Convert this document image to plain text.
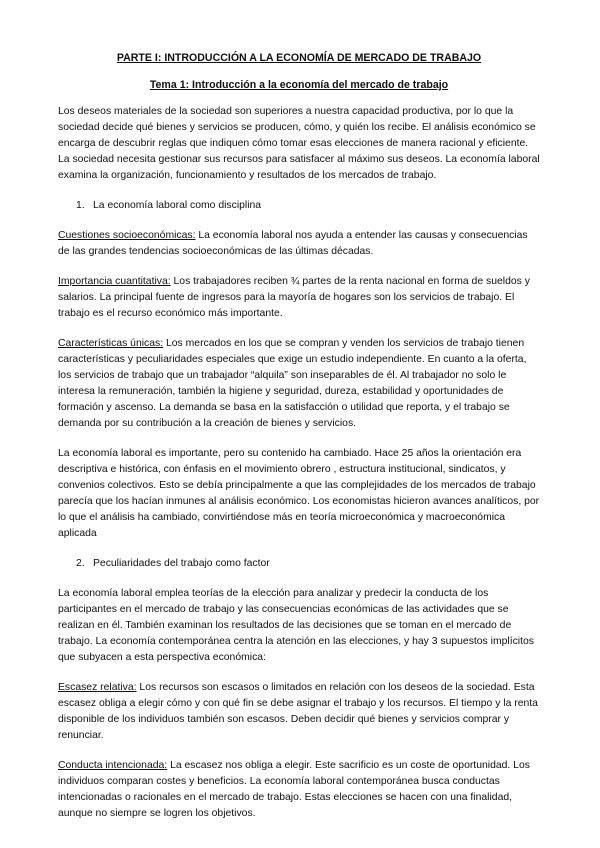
PARTE I: INTRODUCCIÓN A LA ECONOMÍA DE MERCADO DE TRABAJO
Tema 1: Introducción a la economía del mercado de trabajo

Los deseos materiales de la sociedad son superiores a nuestra capacidad productiva, por lo que la sociedad decide qué bienes y servicios se producen, cómo, y quién los recibe. El análisis económico se encarga de descubrir reglas que indiquen cómo tomar esas elecciones de manera racional y eficiente. La sociedad necesita gestionar sus recursos para satisfacer al máximo sus deseos. La economía laboral examina la organización, funcionamiento y resultados de los mercados de trabajo.

1. La economía laboral como disciplina

Cuestiones socioeconómicas: La economía laboral nos ayuda a entender las causas y consecuencias de las grandes tendencias socioeconómicas de las últimas décadas.

Importancia cuantitativa: Los trabajadores reciben ¾ partes de la renta nacional en forma de sueldos y salarios. La principal fuente de ingresos para la mayoría de hogares son los servicios de trabajo. El trabajo es el recurso económico más importante.

Características únicas: Los mercados en los que se compran y venden los servicios de trabajo tienen características y peculiaridades especiales que exige un estudio independiente. En cuanto a la oferta, los servicios de trabajo que un trabajador “alquila” son inseparables de él. Al trabajador no solo le interesa la remuneración, también la higiene y seguridad, dureza, estabilidad y oportunidades de formación y ascenso. La demanda se basa en la satisfacción o utilidad que reporta, y el trabajo se demanda por su contribución a la creación de bienes y servicios.

La economía laboral es importante, pero su contenido ha cambiado. Hace 25 años la orientación era descriptiva e histórica, con énfasis en el movimiento obrero , estructura institucional, sindicatos, y convenios colectivos. Esto se debía principalmente a que las complejidades de los mercados de trabajo parecía que los hacían inmunes al análisis económico. Los economistas hicieron avances analíticos, por lo que el análisis ha cambiado, convirtiéndose más en teoría microeconómica y macroeconómica aplicada

2. Peculiaridades del trabajo como factor

La economía laboral emplea teorías de la elección para analizar y predecir la conducta de los participantes en el mercado de trabajo y las consecuencias económicas de las actividades que se realizan en él. También examinan los resultados de las decisiones que se toman en el mercado de trabajo. La economía contemporánea centra la atención en las elecciones, y hay 3 supuestos implícitos que subyacen a esta perspectiva económica:

Escasez relativa: Los recursos son escasos o limitados en relación con los deseos de la sociedad. Esta escasez obliga a elegir cómo y con qué fin se debe asignar el trabajo y los recursos. El tiempo y la renta disponible de los individuos también son escasos. Deben decidir qué bienes y servicios comprar y renunciar.

Conducta intencionada: La escasez nos obliga a elegir. Este sacrificio es un coste de oportunidad. Los individuos comparan costes y beneficios. La economía laboral contemporánea busca conductas intencionadas o racionales en el mercado de trabajo. Estas elecciones se hacen con una finalidad, aunque no siempre se logren los objetivos.
